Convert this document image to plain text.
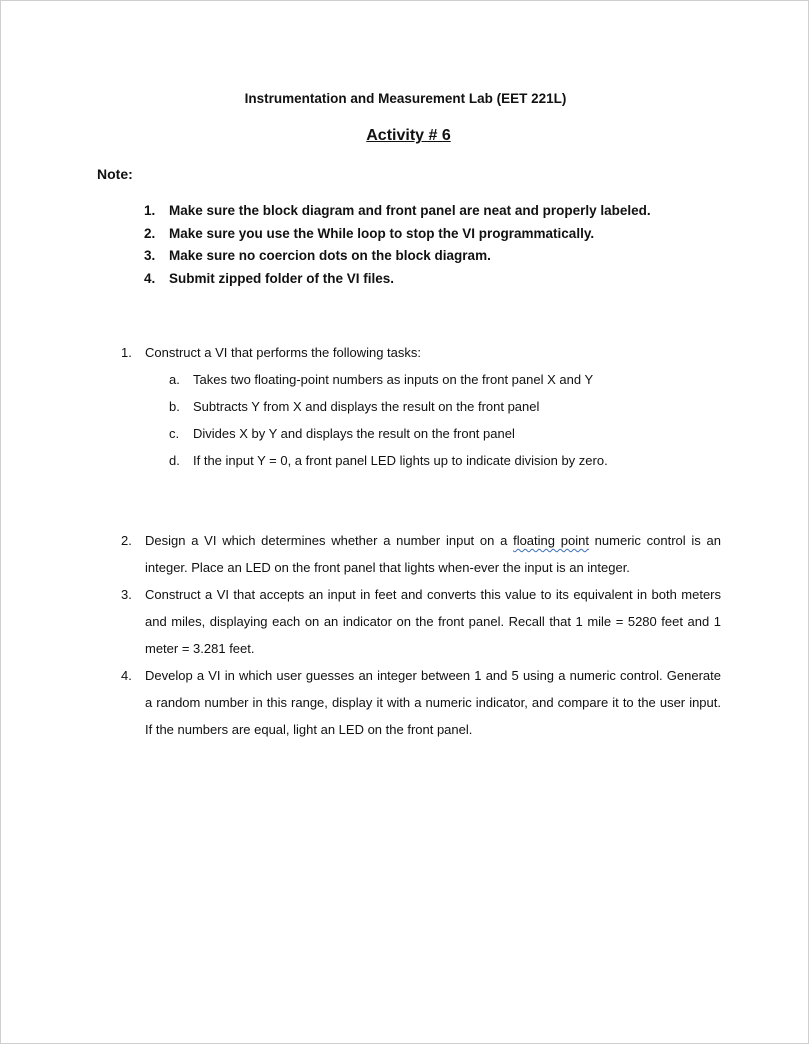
Instrumentation and Measurement Lab (EET 221L)
Activity # 6
Note:
1. Make sure the block diagram and front panel are neat and properly labeled.
2. Make sure you use the While loop to stop the VI programmatically.
3. Make sure no coercion dots on the block diagram.
4. Submit zipped folder of the VI files.
1. Construct a VI that performs the following tasks:
a. Takes two floating-point numbers as inputs on the front panel X and Y
b. Subtracts Y from X and displays the result on the front panel
c. Divides X by Y and displays the result on the front panel
d. If the input Y = 0, a front panel LED lights up to indicate division by zero.
2. Design a VI which determines whether a number input on a floating point numeric control is an integer. Place an LED on the front panel that lights when-ever the input is an integer.
3. Construct a VI that accepts an input in feet and converts this value to its equivalent in both meters and miles, displaying each on an indicator on the front panel. Recall that 1 mile = 5280 feet and 1 meter = 3.281 feet.
4. Develop a VI in which user guesses an integer between 1 and 5 using a numeric control. Generate a random number in this range, display it with a numeric indicator, and compare it to the user input. If the numbers are equal, light an LED on the front panel.
